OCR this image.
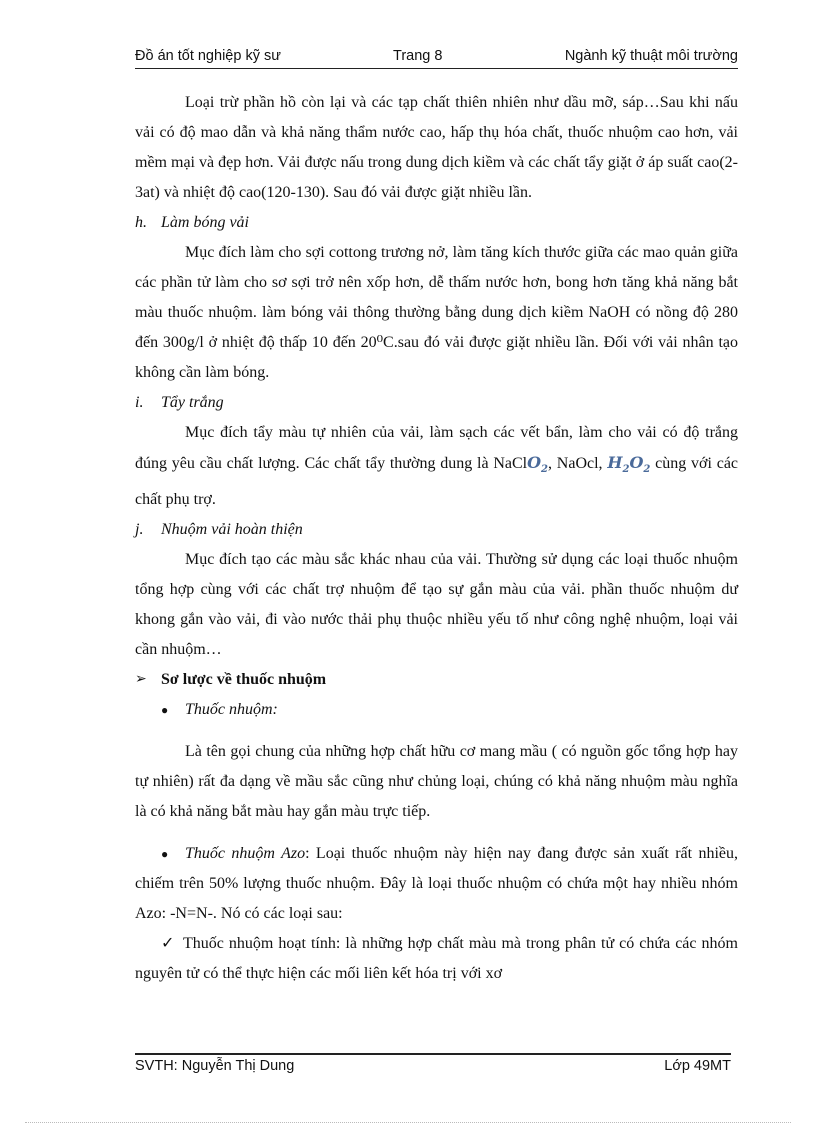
Đồ án tốt nghiệp kỹ sư	Trang 8	Ngành kỹ thuật môi trường

Loại trừ phần hồ còn lại và các tạp chất thiên nhiên như dầu mỡ, sáp…Sau khi nấu vải có độ mao dẫn và khả năng thẩm nước cao, hấp thụ hóa chất, thuốc nhuộm cao hơn, vải mềm mại và đẹp hơn. Vải được nấu trong dung dịch kiềm và các chất tẩy giặt ở áp suất cao(2-3at) và nhiệt độ cao(120-130). Sau đó vải được giặt nhiều lần.

h. Làm bóng vải

Mục đích làm cho sợi cottong trương nở, làm tăng kích thước giữa các mao quản giữa các phần tử làm cho sơ sợi trở nên xốp hơn, dễ thấm nước hơn, bong hơn tăng khả năng bắt màu thuốc nhuộm. làm bóng vải thông thường bằng dung dịch kiềm NaOH có nồng độ 280 đến 300g/l ở nhiệt độ thấp 10 đến 20⁰C.sau đó vải được giặt nhiều lần. Đối với vải nhân tạo không cần làm bóng.

i.	Tẩy trắng

Mục đích tẩy màu tự nhiên của vải, làm sạch các vết bẩn, làm cho vải có độ trắng đúng yêu cầu chất lượng. Các chất tẩy thường dung là NaClO$_2$, NaOcl, $H_2O_2$ cùng với các chất phụ trợ.

j.	Nhuộm vải hoàn thiện

Mục đích tạo các màu sắc khác nhau của vải. Thường sử dụng các loại thuốc nhuộm tổng hợp cùng với các chất trợ nhuộm để tạo sự gắn màu của vải. phần thuốc nhuộm dư khong gắn vào vải, đi vào nước thải phụ thuộc nhiều yếu tố như công nghệ nhuộm, loại vải cần nhuộm…

➢ Sơ lược về thuốc nhuộm

●	Thuốc nhuộm:

Là tên gọi chung của những hợp chất hữu cơ mang mầu ( có nguồn gốc tổng hợp hay tự nhiên) rất đa dạng về mầu sắc cũng như chủng loại, chúng có khả năng nhuộm màu nghĩa là có khả năng bắt màu hay gắn màu trực tiếp.

● Thuốc nhuộm Azo: Loại thuốc nhuộm này hiện nay đang được sản xuất rất nhiều, chiếm trên 50% lượng thuốc nhuộm. Đây là loại thuốc nhuộm có chứa một hay nhiều nhóm Azo: -N=N-. Nó có các loại sau:

✓ Thuốc nhuộm hoạt tính: là những hợp chất màu mà trong phân tử có chứa các nhóm nguyên tử có thể thực hiện các mối liên kết hóa trị với xơ

SVTH: Nguyễn Thị Dung	Lớp 49MT
